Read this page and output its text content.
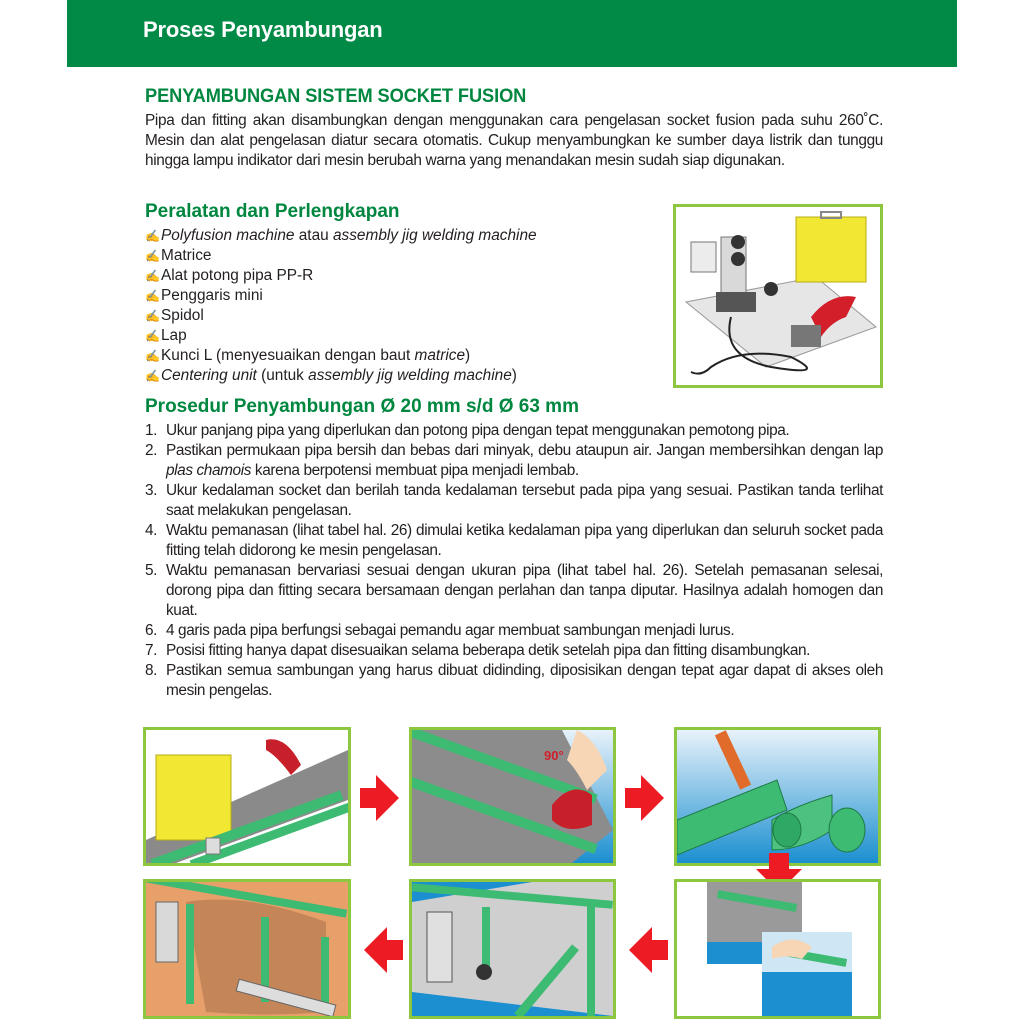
Proses Penyambungan
PENYAMBUNGAN SISTEM SOCKET FUSION

Pipa dan fitting akan disambungkan dengan menggunakan cara pengelasan socket fusion pada suhu 260˚C. Mesin dan alat pengelasan diatur secara otomatis. Cukup menyambungkan ke sumber daya listrik dan tunggu hingga lampu indikator dari mesin berubah warna yang menandakan mesin sudah siap digunakan.

Peralatan dan Perlengkapan
✍Polyfusion machine atau assembly jig welding machine
✍Matrice
✍Alat potong pipa PP-R
✍Penggaris mini
✍Spidol
✍Lap
✍Kunci L (menyesuaikan dengan baut matrice)
✍Centering unit (untuk assembly jig welding machine)
Prosedur Penyambungan Ø 20 mm s/d Ø 63 mm
1. Ukur panjang pipa yang diperlukan dan potong pipa dengan tepat menggunakan pemotong pipa.
2. Pastikan permukaan pipa bersih dan bebas dari minyak, debu ataupun air. Jangan membersihkan dengan lap plas chamois karena berpotensi membuat pipa menjadi lembab.
3. Ukur kedalaman socket dan berilah tanda kedalaman tersebut pada pipa yang sesuai. Pastikan tanda terlihat saat melakukan pengelasan.
4. Waktu pemanasan (lihat tabel hal. 26) dimulai ketika kedalaman pipa yang diperlukan dan seluruh socket pada fitting telah didorong ke mesin pengelasan.
5. Waktu pemanasan bervariasi sesuai dengan ukuran pipa (lihat tabel hal. 26). Setelah pemasanan selesai, dorong pipa dan fitting secara bersamaan dengan perlahan dan tanpa diputar. Hasilnya adalah homogen dan kuat.
6. 4 garis pada pipa berfungsi sebagai pemandu agar membuat sambungan menjadi lurus.
7. Posisi fitting hanya dapat disesuaikan selama beberapa detik setelah pipa dan fitting disambungkan.
8. Pastikan semua sambungan yang harus dibuat didinding, diposisikan dengan tepat agar dapat di akses oleh mesin pengelas.
90°
